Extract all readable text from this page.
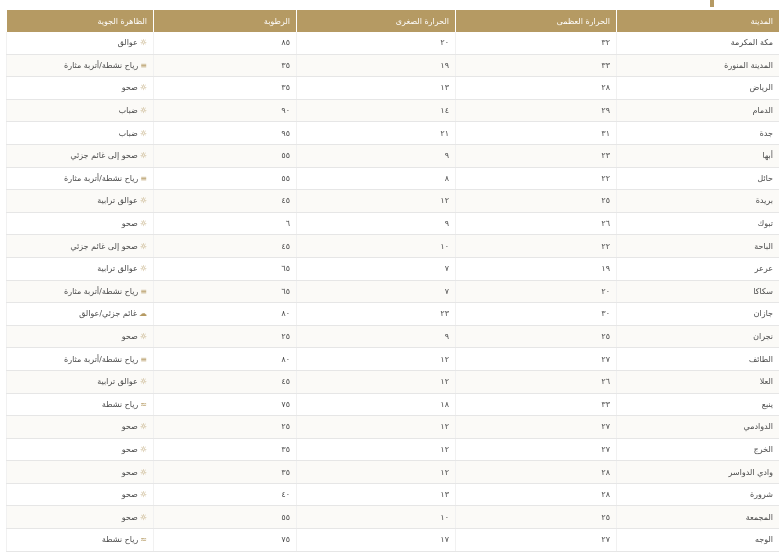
المدينة	الحرارة العظمى	الحرارة الصغرى	الرطوبة	الظاهرة الجوية
مكة المكرمة	٣٢	٢٠	٨٥	☼عوالق
المدينة المنورة	٣٣	١٩	٣٥	≡رياح نشطة/أتربة مثارة
الرياض	٢٨	١٣	٣٥	☼صحو
الدمام	٢٩	١٤	٩٠	☼ضباب
جدة	٣١	٢١	٩٥	☼ضباب
أبها	٢٣	٩	٥٥	☼صحو إلى غائم جزئي
حائل	٢٢	٨	٥٥	≡رياح نشطة/أتربة مثارة
بريدة	٢٥	١٢	٤٥	☼عوالق ترابية
تبوك	٢٦	٩	٦	☼صحو
الباحة	٢٢	١٠	٤٥	☼صحو إلى غائم جزئي
عرعر	١٩	٧	٦٥	☼عوالق ترابية
سكاكا	٢٠	٧	٦٥	≡رياح نشطة/أتربة مثارة
جازان	٣٠	٢٣	٨٠	☁غائم جزئي/عوالق
نجران	٢٥	٩	٢٥	☼صحو
الطائف	٢٧	١٢	٨٠	≡رياح نشطة/أتربة مثارة
العلا	٢٦	١٢	٤٥	☼عوالق ترابية
ينبع	٣٣	١٨	٧٥	≈رياح نشطة
الدوادمي	٢٧	١٢	٢٥	☼صحو
الخرج	٢٧	١٢	٣٥	☼صحو
وادي الدواسر	٢٨	١٢	٣٥	☼صحو
شرورة	٢٨	١٣	٤٠	☼صحو
المجمعة	٢٥	١٠	٥٥	☼صحو
الوجه	٢٧	١٧	٧٥	≈رياح نشطة
